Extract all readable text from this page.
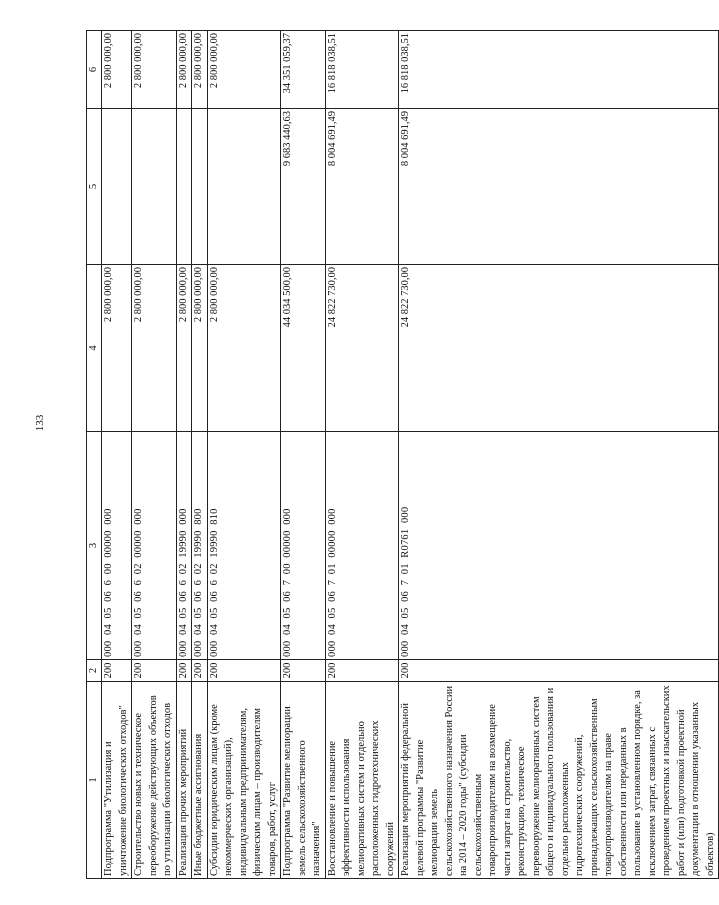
133
1	2	3	4	5	6
Подпрограмма "Утилизация и уничтожение биологических отходов"	200	000  04  05  06  6  00  00000  000	2 800 000,00		2 800 000,00
Строительство новых и техническое переоборужение действующих объектов по утилизации биологических отходов	200	000  04  05  06  6  02  00000  000	2 800 000,00		2 800 000,00
Реализация прочих мероприятий	200	000  04  05  06  6  02  19990  000	2 800 000,00		2 800 000,00
Иные бюджетные ассигнования	200	000  04  05  06  6  02  19990  800	2 800 000,00		2 800 000,00
Субсидии юридическим лицам (кроме некоммерческих организаций), индивидуальным предпринимателям, физическим лицам – производителям товаров, работ, услуг	200	000  04  05  06  6  02  19990  810	2 800 000,00		2 800 000,00
Подпрограмма "Развитие мелиорации земель сельскохозяйственного назначения"	200	000  04  05  06  7  00  00000  000	44 034 500,00	9 683 440,63	34 351 059,37
Восстановление и повышение эффективности использования мелиоративных систем и отдельно расположенных гидротехнических сооружений	200	000  04  05  06  7  01  00000  000	24 822 730,00	8 004 691,49	16 818 038,51
Реализация мероприятий федеральной целевой программы "Развитие мелиорации земель сельскохозяйственного назначения России на 2014 – 2020 годы" (субсидии сельскохозяйственным товаропроизводителям на возмещение части затрат на строительство, реконструкцию, техническое перевооружение мелиоративных систем общего и индивидуального пользования и отдельно расположенных гидротехнических сооружений, принадлежащих сельскохозяйственным товаропроизводителям на праве собственности или переданных в пользование в установленном порядке, за исключением затрат, связанных с проведением проектных и изыскательских работ и (или) подготовкой проектной документации в отношении указанных объектов)	200	000  04  05  06  7  01  R0761  000	24 822 730,00	8 004 691,49	16 818 038,51
